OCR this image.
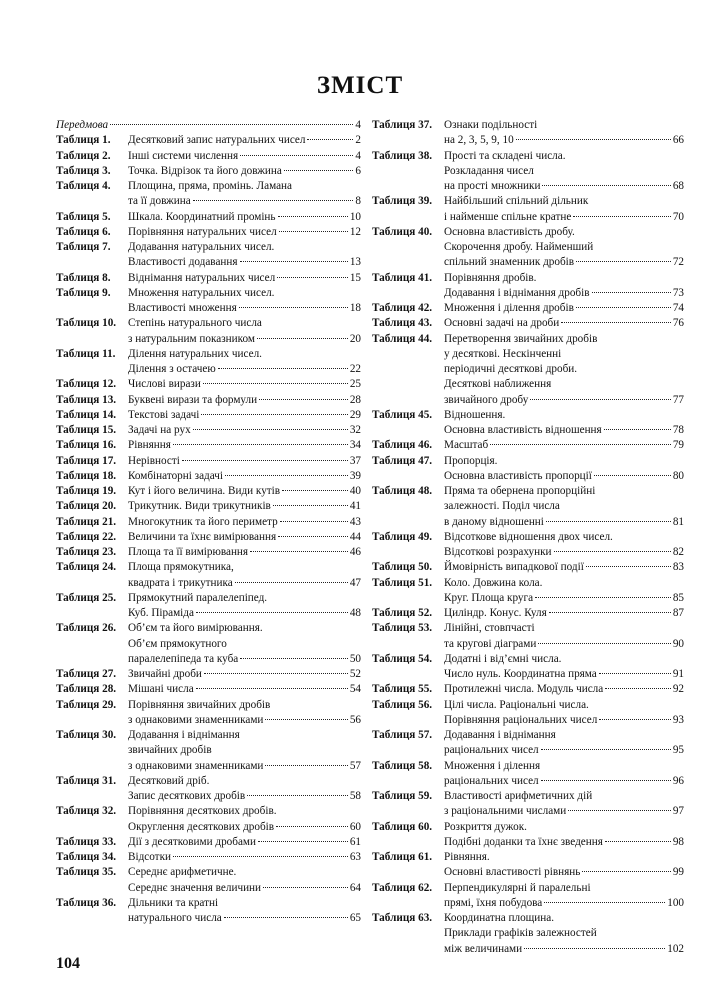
ЗМІСТ
Передмова	4
Таблиця 1.	Десятковий запис натуральних чисел	2
Таблиця 2.	Інші системи числення	4
Таблиця 3.	Точка. Відрізок та його довжина	6
Таблиця 4.	Площина, пряма, промінь. Ламана
та її довжина	8
Таблиця 5.	Шкала. Координатний промінь	10
Таблиця 6.	Порівняння натуральних чисел	12
Таблиця 7.	Додавання натуральних чисел.
Властивості додавання	13
Таблиця 8.	Віднімання натуральних чисел	15
Таблиця 9.	Множення натуральних чисел.
Властивості множення	18
Таблиця 10.	Степінь натурального числа
з натуральним показником	20
Таблиця 11.	Ділення натуральних чисел.
Ділення з остачею	22
Таблиця 12.	Числові вирази	25
Таблиця 13.	Буквені вирази та формули	28
Таблиця 14.	Текстові задачі	29
Таблиця 15.	Задачі на рух	32
Таблиця 16.	Рівняння	34
Таблиця 17.	Нерівності	37
Таблиця 18.	Комбінаторні задачі	39
Таблиця 19.	Кут і його величина. Види кутів	40
Таблиця 20.	Трикутник. Види трикутників	41
Таблиця 21.	Многокутник та його периметр	43
Таблиця 22.	Величини та їхнє вимірювання	44
Таблиця 23.	Площа та її вимірювання	46
Таблиця 24.	Площа прямокутника,
квадрата і трикутника	47
Таблиця 25.	Прямокутний паралелепіпед.
Куб. Піраміда	48
Таблиця 26.	Об’єм та його вимірювання.
Об’єм прямокутного
паралелепіпеда та куба	50
Таблиця 27.	Звичайні дроби	52
Таблиця 28.	Мішані числа	54
Таблиця 29.	Порівняння звичайних дробів
з однаковими знаменниками	56
Таблиця 30.	Додавання і віднімання
звичайних дробів
з однаковими знаменниками	57
Таблиця 31.	Десятковий дріб.
Запис десяткових дробів	58
Таблиця 32.	Порівняння десяткових дробів.
Округлення десяткових дробів	60
Таблиця 33.	Дії з десятковими дробами	61
Таблиця 34.	Відсотки	63
Таблиця 35.	Середнє арифметичне.
Середнє значення величини	64
Таблиця 36.	Дільники та кратні
натурального числа	65
Таблиця 37.	Ознаки подільності
на 2, 3, 5, 9, 10	66
Таблиця 38.	Прості та складені числа.
Розкладання чисел
на прості множники	68
Таблиця 39.	Найбільший спільний дільник
і найменше спільне кратне	70
Таблиця 40.	Основна властивість дробу.
Скорочення дробу. Найменший
спільний знаменник дробів	72
Таблиця 41.	Порівняння дробів.
Додавання і віднімання дробів	73
Таблиця 42.	Множення і ділення дробів	74
Таблиця 43.	Основні задачі на дроби	76
Таблиця 44.	Перетворення звичайних дробів
у десяткові. Нескінченні
періодичні десяткові дроби.
Десяткові наближення
звичайного дробу	77
Таблиця 45.	Відношення.
Основна властивість відношення	78
Таблиця 46.	Масштаб	79
Таблиця 47.	Пропорція.
Основна властивість пропорції	80
Таблиця 48.	Пряма та обернена пропорційні
залежності. Поділ числа
в даному відношенні	81
Таблиця 49.	Відсоткове відношення двох чисел.
Відсоткові розрахунки	82
Таблиця 50.	Ймовірність випадкової події	83
Таблиця 51.	Коло. Довжина кола.
Круг. Площа круга	85
Таблиця 52.	Циліндр. Конус. Куля	87
Таблиця 53.	Лінійні, стовпчасті
та кругові діаграми	90
Таблиця 54.	Додатні і від’ємні числа.
Число нуль. Координатна пряма	91
Таблиця 55.	Протилежні числа. Модуль числа	92
Таблиця 56.	Цілі числа. Раціональні числа.
Порівняння раціональних чисел	93
Таблиця 57.	Додавання і віднімання
раціональних чисел	95
Таблиця 58.	Множення і ділення
раціональних чисел	96
Таблиця 59.	Властивості арифметичних дій
з раціональними числами	97
Таблиця 60.	Розкриття дужок.
Подібні доданки та їхнє зведення	98
Таблиця 61.	Рівняння.
Основні властивості рівнянь	99
Таблиця 62.	Перпендикулярні й паралельні
прямі, їхня побудова	100
Таблиця 63.	Координатна площина.
Приклади графіків залежностей
між величинами	102
104
